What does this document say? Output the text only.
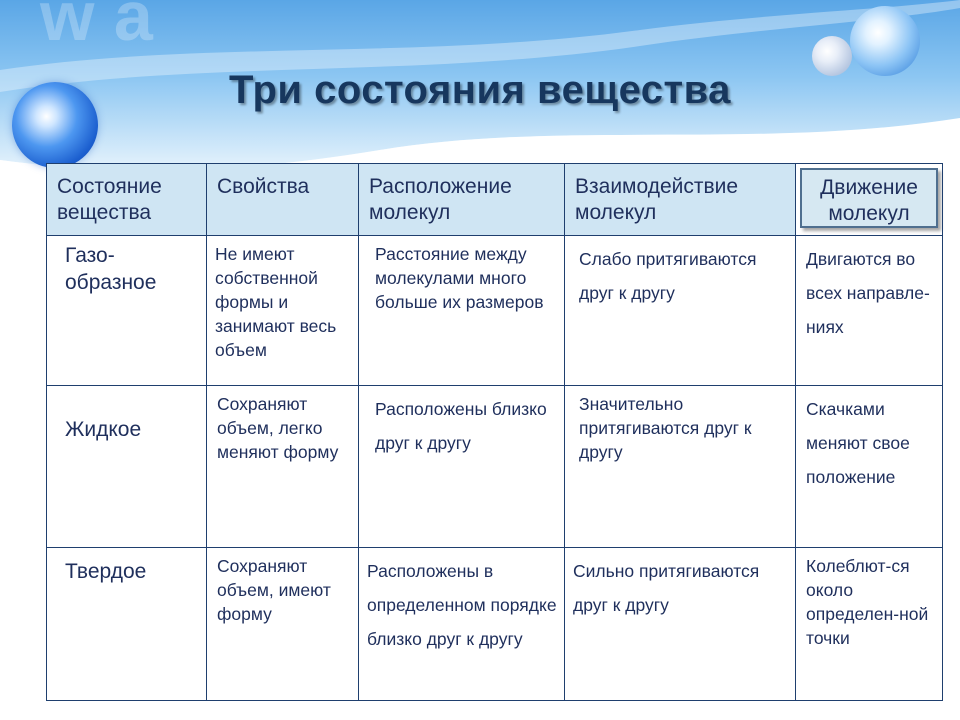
w a
Три состояния вещества
Состояние вещества	Свойства	Расположение молекул	Взаимодействие молекул	Движение молекул

Газо-образное	Не имеют собственной формы и занимают весь объем	Расстояние между молекулами много больше их размеров	Слабо притягиваются друг к другу	Двигаются во всех направле-ниях
Жидкое	Сохраняют объем, легко меняют форму	Расположены близко друг к другу	Значительно притягиваются друг к другу	Скачками меняют свое положение
Твердое	Сохраняют объем, имеют форму	Расположены в определенном порядке близко друг к другу	Сильно притягиваются друг к другу	Колеблют-ся около определен-ной точки
